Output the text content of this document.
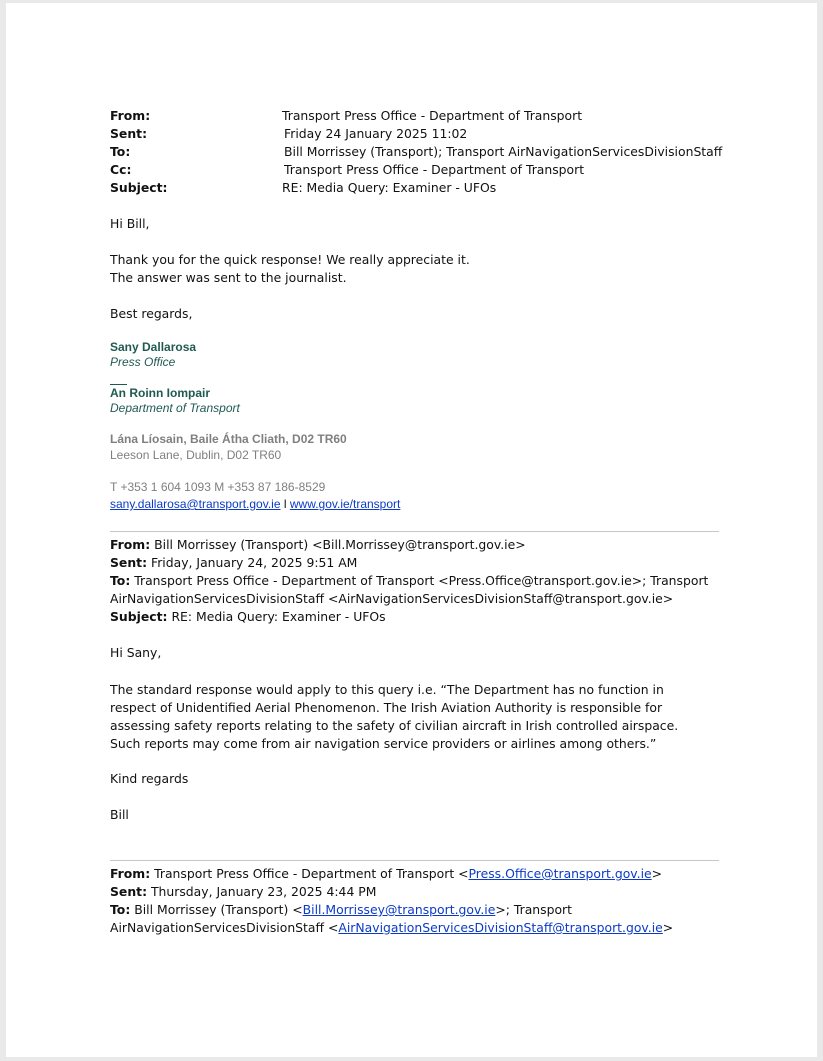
From:	Transport Press Office - Department of Transport
Sent:	Friday 24 January 2025 11:02
To:	Bill Morrissey (Transport); Transport AirNavigationServicesDivisionStaff
Cc:	Transport Press Office - Department of Transport
Subject:	RE: Media Query: Examiner - UFOs
Hi Bill,
Thank you for the quick response! We really appreciate it.
The answer was sent to the journalist.
Best regards,
Sany Dallarosa
Press Office
An Roinn Iompair
Department of Transport
Lána Líosain, Baile Átha Cliath, D02 TR60
Leeson Lane, Dublin, D02 TR60
T +353 1 604 1093 M +353 87 186-8529
sany.dallarosa@transport.gov.ie l www.gov.ie/transport
From: Bill Morrissey (Transport) <Bill.Morrissey@transport.gov.ie>
Sent: Friday, January 24, 2025 9:51 AM
To: Transport Press Office - Department of Transport <Press.Office@transport.gov.ie>; Transport
AirNavigationServicesDivisionStaff <AirNavigationServicesDivisionStaff@transport.gov.ie>
Subject: RE: Media Query: Examiner - UFOs
Hi Sany,
The standard response would apply to this query i.e. “The Department has no function in respect of Unidentified Aerial Phenomenon. The Irish Aviation Authority is responsible for assessing safety reports relating to the safety of civilian aircraft in Irish controlled airspace. Such reports may come from air navigation service providers or airlines among others.”
Kind regards
Bill
From: Transport Press Office - Department of Transport <Press.Office@transport.gov.ie>
Sent: Thursday, January 23, 2025 4:44 PM
To: Bill Morrissey (Transport) <Bill.Morrissey@transport.gov.ie>; Transport
AirNavigationServicesDivisionStaff <AirNavigationServicesDivisionStaff@transport.gov.ie>
